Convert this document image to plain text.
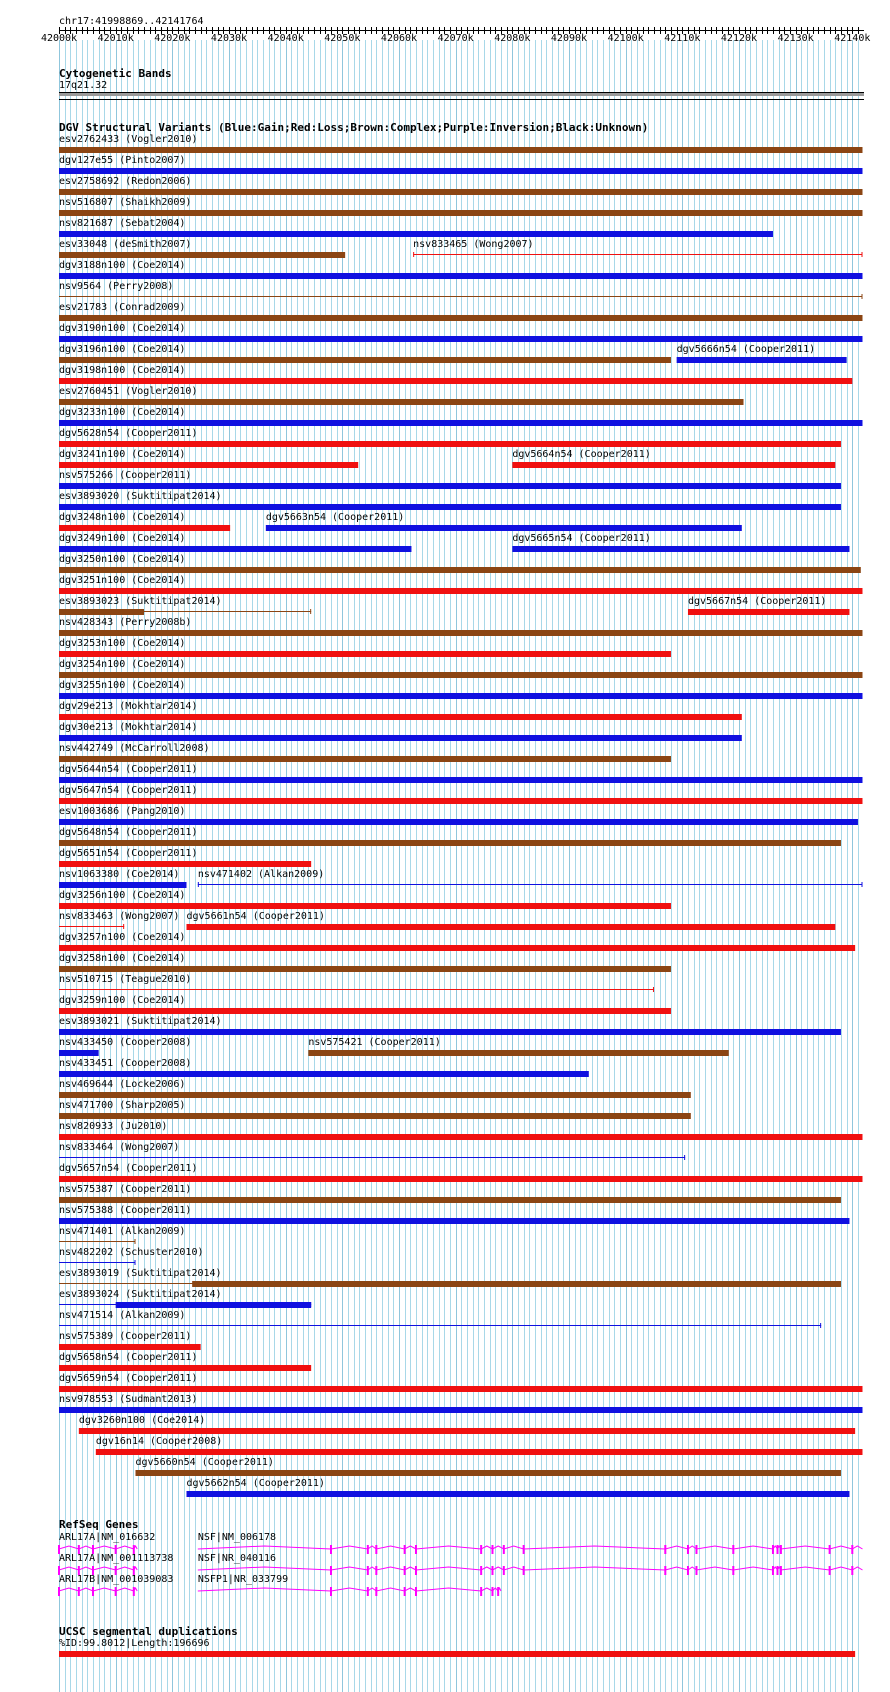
chr17:41998869..42141764
Cytogenetic Bands
17q21.32
DGV Structural Variants (Blue:Gain;Red:Loss;Brown:Complex;Purple:Inversion;Black:Unknown)
RefSeq Genes
UCSC segmental duplications
%ID:99.8012|Length:196696
42000k 42010k 42020k 42030k 42040k 42050k 42060k 42070k 42080k 42090k 42100k 42110k 42120k 42130k 42140k
esv2762433 (Vogler2010)
dgv127e55 (Pinto2007)
esv2758692 (Redon2006)
nsv516807 (Shaikh2009)
nsv821687 (Sebat2004)
esv33048 (deSmith2007)	nsv833465 (Wong2007)
dgv3188n100 (Coe2014)
nsv9564 (Perry2008)
esv21783 (Conrad2009)
dgv3190n100 (Coe2014)
dgv3196n100 (Coe2014)	dgv5666n54 (Cooper2011)
dgv3198n100 (Coe2014)
esv2760451 (Vogler2010)
dgv3233n100 (Coe2014)
dgv5628n54 (Cooper2011)
dgv3241n100 (Coe2014)	dgv5664n54 (Cooper2011)
nsv575266 (Cooper2011)
esv3893020 (Suktitipat2014)
dgv3248n100 (Coe2014)	dgv5663n54 (Cooper2011)
dgv3249n100 (Coe2014)	dgv5665n54 (Cooper2011)
dgv3250n100 (Coe2014)
dgv3251n100 (Coe2014)
esv3893023 (Suktitipat2014)	dgv5667n54 (Cooper2011)
nsv428343 (Perry2008b)
dgv3253n100 (Coe2014)
dgv3254n100 (Coe2014)
dgv3255n100 (Coe2014)
dgv29e213 (Mokhtar2014)
dgv30e213 (Mokhtar2014)
nsv442749 (McCarroll2008)
dgv5644n54 (Cooper2011)
dgv5647n54 (Cooper2011)
esv1003686 (Pang2010)
dgv5648n54 (Cooper2011)
dgv5651n54 (Cooper2011)
nsv1063380 (Coe2014) nsv471402 (Alkan2009)
dgv3256n100 (Coe2014)
nsv833463 (Wong2007) dgv5661n54 (Cooper2011)
dgv3257n100 (Coe2014)
dgv3258n100 (Coe2014)
nsv510715 (Teague2010)
dgv3259n100 (Coe2014)
esv3893021 (Suktitipat2014)
nsv433450 (Cooper2008)	nsv575421 (Cooper2011)
nsv433451 (Cooper2008)
nsv469644 (Locke2006)
nsv471700 (Sharp2005)
nsv820933 (Ju2010)
nsv833464 (Wong2007)
dgv5657n54 (Cooper2011)
nsv575387 (Cooper2011)
nsv575388 (Cooper2011)
nsv471401 (Alkan2009)
nsv482202 (Schuster2010)
esv3893019 (Suktitipat2014)
esv3893024 (Suktitipat2014)
nsv471514 (Alkan2009)
nsv575389 (Cooper2011)
dgv5658n54 (Cooper2011)
dgv5659n54 (Cooper2011)
nsv978553 (Sudmant2013)
dgv3260n100 (Coe2014)
dgv16n14 (Cooper2008)
dgv5660n54 (Cooper2011)
dgv5662n54 (Cooper2011)
ARL17A|NM_016632	NSF|NM_006178
ARL17A|NM_001113738 NSF|NR_040116
ARL17B|NM_001039083 NSFP1|NR_033799
